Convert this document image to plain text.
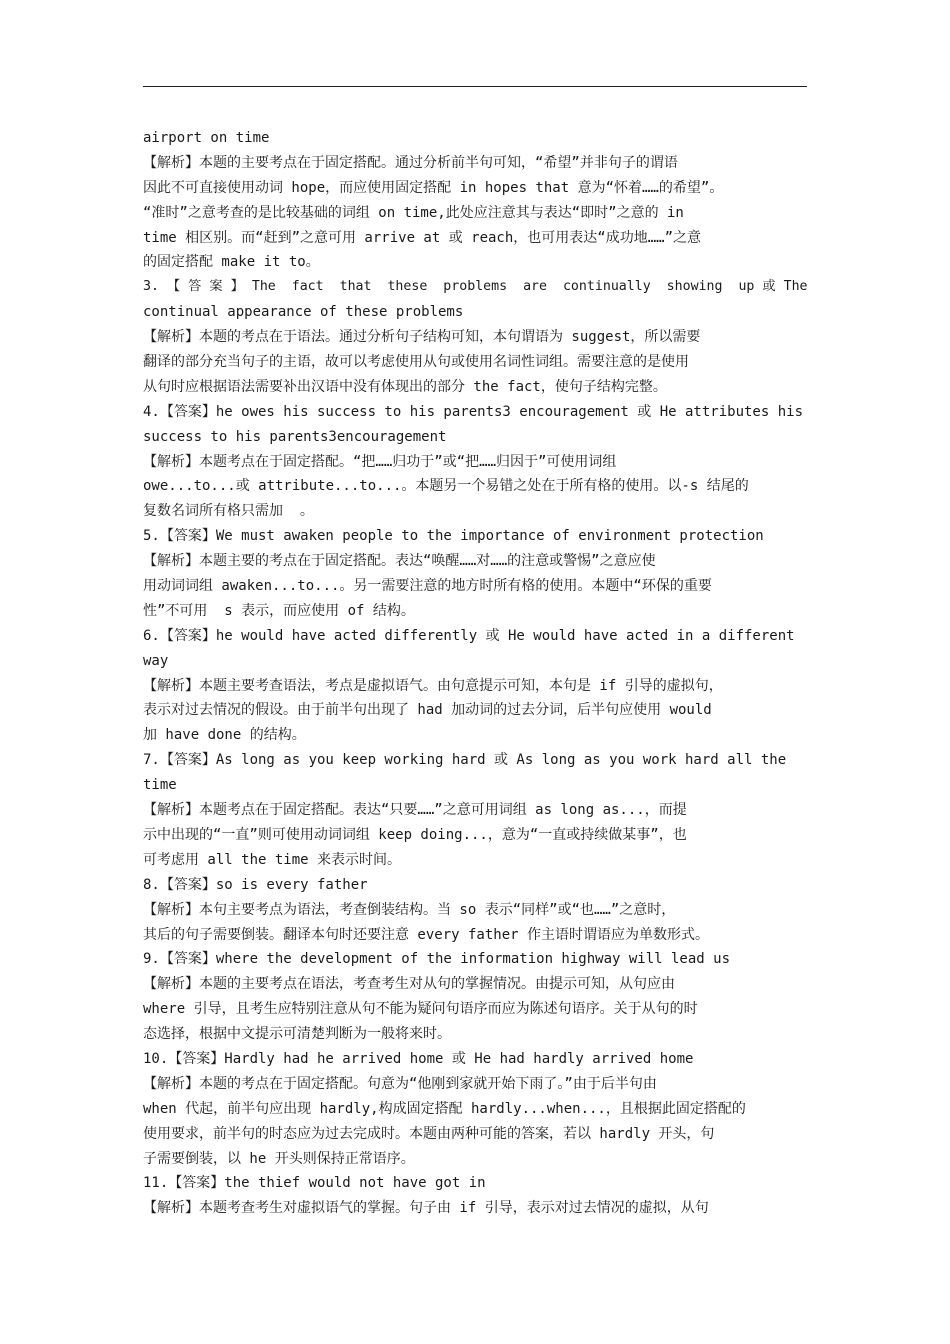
airport on time
【解析】本题的主要考点在于固定搭配。通过分析前半句可知，“希望”并非句子的谓语
因此不可直接使用动词 hope，而应使用固定搭配 in hopes that 意为“怀着……的希望”。
“准时”之意考查的是比较基础的词组 on time,此处应注意其与表达“即时”之意的 in
time 相区别。而“赶到”之意可用 arrive at 或 reach，也可用表达“成功地……”之意
的固定搭配 make it to。
3. 【 答 案 】 The  fact  that  these  problems  are  continually  showing  up 或 The
continual appearance of these problems
【解析】本题的考点在于语法。通过分析句子结构可知，本句谓语为 suggest，所以需要
翻译的部分充当句子的主语，故可以考虑使用从句或使用名词性词组。需要注意的是使用
从句时应根据语法需要补出汉语中没有体现出的部分 the fact，使句子结构完整。
4.【答案】he owes his success to his parents3 encouragement 或 He attributes his
success to his parents3encouragement
【解析】本题考点在于固定搭配。“把……归功于”或“把……归因于”可使用词组
owe...to...或 attribute...to...。本题另一个易错之处在于所有格的使用。以-s 结尾的
复数名词所有格只需加  。
5.【答案】We must awaken people to the importance of environment protection
【解析】本题主要的考点在于固定搭配。表达“唤醒……对……的注意或警惕”之意应使
用动词词组 awaken...to...。另一需要注意的地方时所有格的使用。本题中“环保的重要
性”不可用  s 表示，而应使用 of 结构。
6.【答案】he would have acted differently 或 He would have acted in a different
way
【解析】本题主要考查语法，考点是虚拟语气。由句意提示可知，本句是 if 引导的虚拟句，
表示对过去情况的假设。由于前半句出现了 had 加动词的过去分词，后半句应使用 would
加 have done 的结构。
7.【答案】As long as you keep working hard 或 As long as you work hard all the
time
【解析】本题考点在于固定搭配。表达“只要……”之意可用词组 as long as...，而提
示中出现的“一直”则可使用动词词组 keep doing...，意为“一直或持续做某事”，也
可考虑用 all the time 来表示时间。
8.【答案】so is every father
【解析】本句主要考点为语法，考查倒装结构。当 so 表示“同样”或“也……”之意时，
其后的句子需要倒装。翻译本句时还要注意 every father 作主语时谓语应为单数形式。
9.【答案】where the development of the information highway will lead us
【解析】本题的主要考点在语法，考查考生对从句的掌握情况。由提示可知，从句应由
where 引导，且考生应特别注意从句不能为疑问句语序而应为陈述句语序。关于从句的时
态选择，根据中文提示可清楚判断为一般将来时。
10.【答案】Hardly had he arrived home 或 He had hardly arrived home
【解析】本题的考点在于固定搭配。句意为“他刚到家就开始下雨了。”由于后半句由
when 代起，前半句应出现 hardly,构成固定搭配 hardly...when...，且根据此固定搭配的
使用要求，前半句的时态应为过去完成时。本题由两种可能的答案，若以 hardly 开头，句
子需要倒装，以 he 开头则保持正常语序。
11.【答案】the thief would not have got in
【解析】本题考查考生对虚拟语气的掌握。句子由 if 引导，表示对过去情况的虚拟，从句
